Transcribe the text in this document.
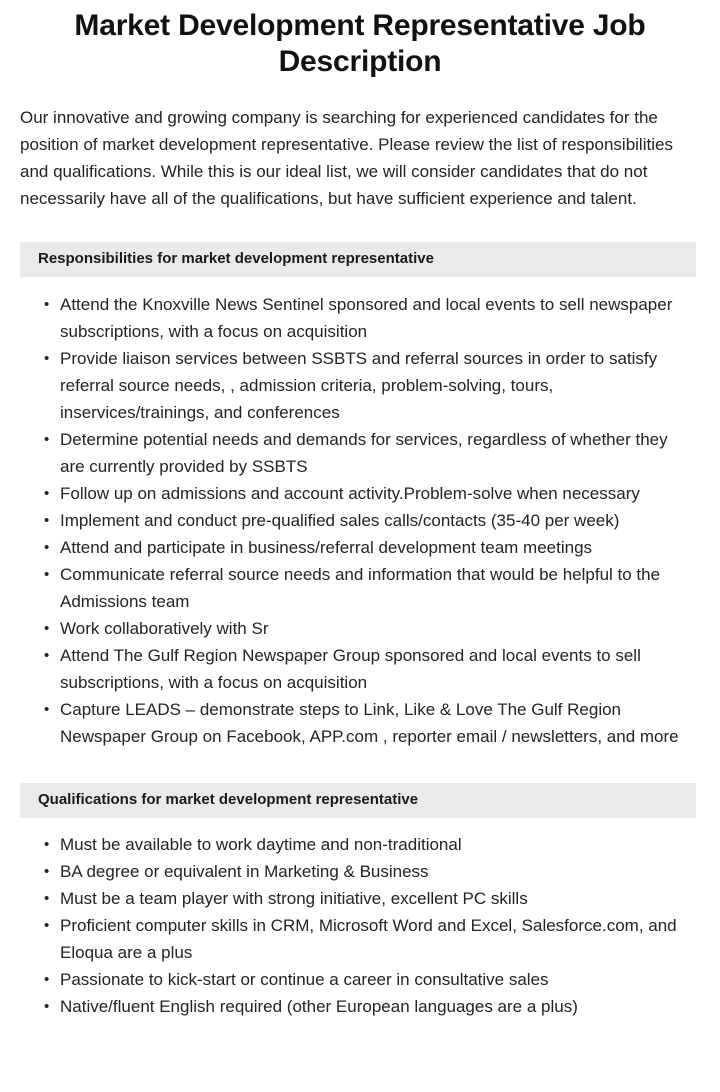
Market Development Representative Job Description

Our innovative and growing company is searching for experienced candidates for the position of market development representative. Please review the list of responsibilities and qualifications. While this is our ideal list, we will consider candidates that do not necessarily have all of the qualifications, but have sufficient experience and talent.

Responsibilities for market development representative
• Attend the Knoxville News Sentinel sponsored and local events to sell newspaper subscriptions, with a focus on acquisition
• Provide liaison services between SSBTS and referral sources in order to satisfy referral source needs, , admission criteria, problem-solving, tours, inservices/trainings, and conferences
• Determine potential needs and demands for services, regardless of whether they are currently provided by SSBTS
• Follow up on admissions and account activity.Problem-solve when necessary
• Implement and conduct pre-qualified sales calls/contacts (35-40 per week)
• Attend and participate in business/referral development team meetings
• Communicate referral source needs and information that would be helpful to the Admissions team
• Work collaboratively with Sr
• Attend The Gulf Region Newspaper Group sponsored and local events to sell subscriptions, with a focus on acquisition
• Capture LEADS – demonstrate steps to Link, Like & Love The Gulf Region Newspaper Group on Facebook, APP.com , reporter email / newsletters, and more
Qualifications for market development representative
• Must be available to work daytime and non-traditional
• BA degree or equivalent in Marketing & Business
• Must be a team player with strong initiative, excellent PC skills
• Proficient computer skills in CRM, Microsoft Word and Excel, Salesforce.com, and Eloqua are a plus
• Passionate to kick-start or continue a career in consultative sales
• Native/fluent English required (other European languages are a plus)
